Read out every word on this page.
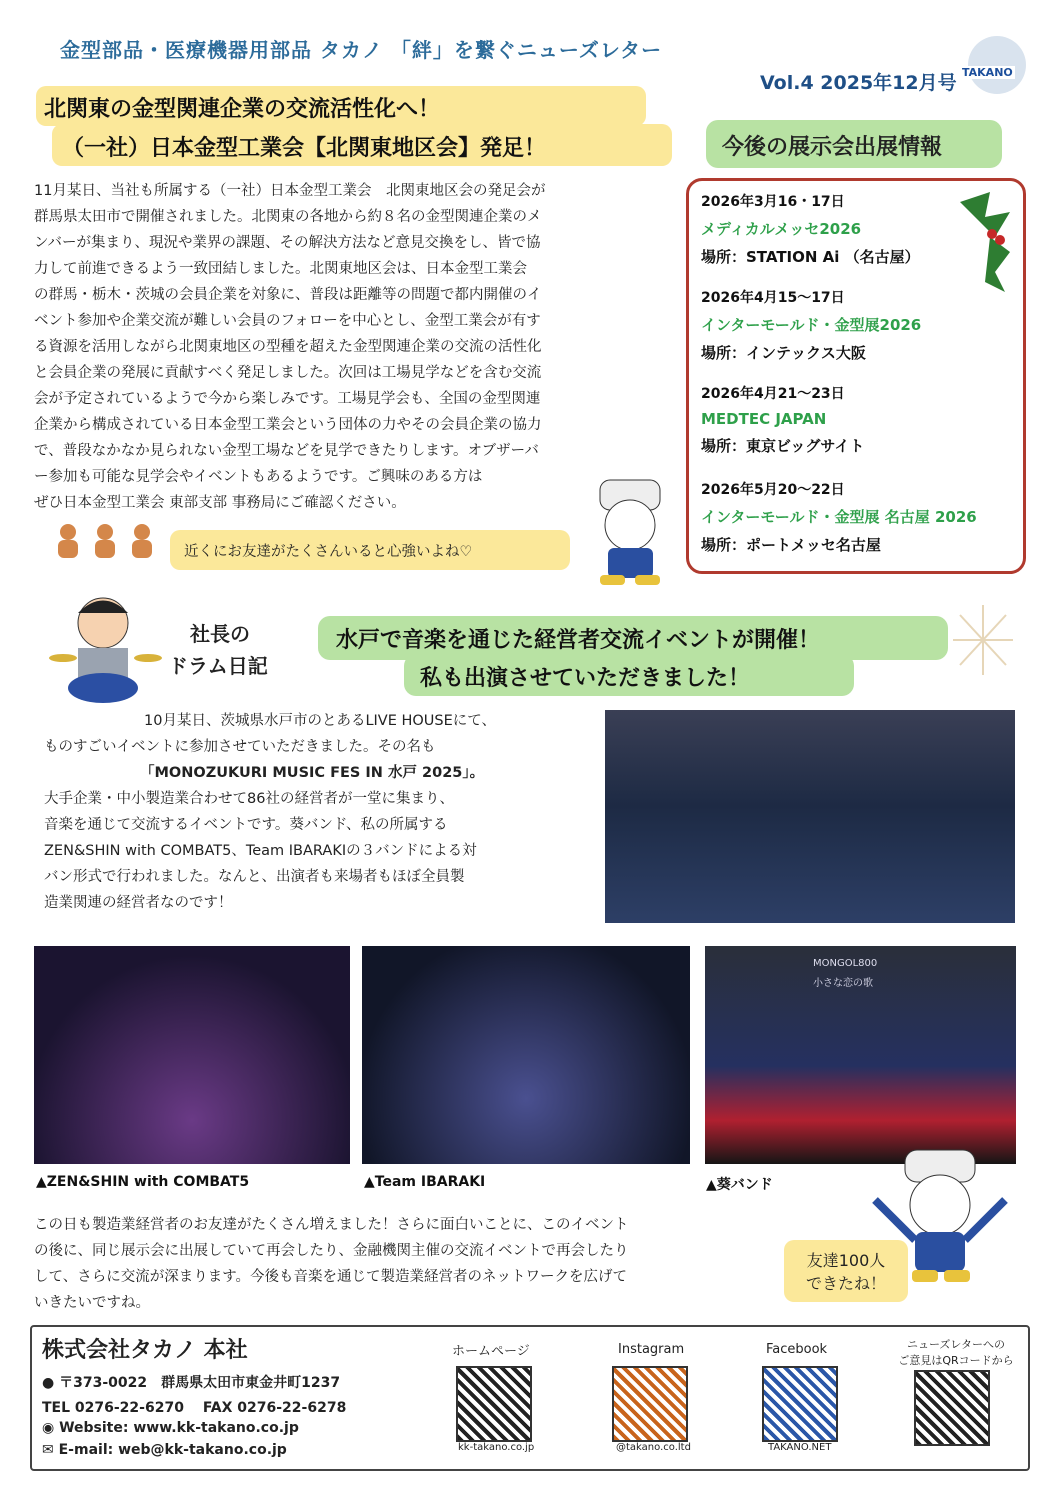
金型部品・医療機器用部品 タカノ 「絆」を繋ぐニューズレター
Vol.4 2025年12月号 TAKANO
北関東の金型関連企業の交流活性化へ！
（一社）日本金型工業会【北関東地区会】発足！
11月某日、当社も所属する（一社）日本金型工業会　北関東地区会の発足会が
群馬県太田市で開催されました。北関東の各地から約８名の金型関連企業のメ
ンバーが集まり、現況や業界の課題、その解決方法など意見交換をし、皆で協
力して前進できるよう一致団結しました。北関東地区会は、日本金型工業会
の群馬・栃木・茨城の会員企業を対象に、普段は距離等の問題で都内開催のイ
ベント参加や企業交流が難しい会員のフォローを中心とし、金型工業会が有す
る資源を活用しながら北関東地区の型種を超えた金型関連企業の交流の活性化
と会員企業の発展に貢献すべく発足しました。次回は工場見学などを含む交流
会が予定されているようで今から楽しみです。工場見学会も、全国の金型関連
企業から構成されている日本金型工業会という団体の力やその会員企業の協力
で、普段なかなか見られない金型工場などを見学できたりします。オブザーバ
ー参加も可能な見学会やイベントもあるようです。ご興味のある方は
ぜひ日本金型工業会 東部支部 事務局にご確認ください。
近くにお友達がたくさんいると心強いよね♡
今後の展示会出展情報
2026年3月16・17日
メディカルメッセ2026
場所：STATION Ai （名古屋）
2026年4月15〜17日
インターモールド・金型展2026
場所：インテックス大阪
2026年4月21〜23日
MEDTEC JAPAN
場所：東京ビッグサイト
2026年5月20〜22日
インターモールド・金型展 名古屋 2026
場所：ポートメッセ名古屋
社長の
ドラム日記
水戸で音楽を通じた経営者交流イベントが開催！
私も出演させていただきました！
10月某日、茨城県水戸市のとあるLIVE HOUSEにて、
ものすごいイベントに参加させていただきました。その名も
「MONOZUKURI MUSIC FES IN 水戸 2025」。
大手企業・中小製造業合わせて86社の経営者が一堂に集まり、
音楽を通じて交流するイベントです。葵バンド、私の所属する
ZEN&SHIN with COMBAT5、Team IBARAKIの３バンドによる対
バン形式で行われました。なんと、出演者も来場者もほぼ全員製
造業関連の経営者なのです！
MONGOL800
小さな恋の歌
▲ZEN&SHIN with COMBAT5	▲Team IBARAKI	▲葵バンド
この日も製造業経営者のお友達がたくさん増えました！さらに面白いことに、このイベント
の後に、同じ展示会に出展していて再会したり、金融機関主催の交流イベントで再会したり
して、さらに交流が深まります。今後も音楽を通じて製造業経営者のネットワークを広げて
いきたいですね。
友達100人
できたね！
株式会社タカノ 本社
● 〒373-0022　群馬県太田市東金井町1237
TEL 0276-22-6270　 FAX 0276-22-6278
◉ Website: www.kk-takano.co.jp
✉ E-mail: web@kk-takano.co.jp
ホームページ
kk-takano.co.jp
Instagram
@takano.co.ltd
Facebook
TAKANO.NET
ニューズレターへの
ご意見はQRコードから
